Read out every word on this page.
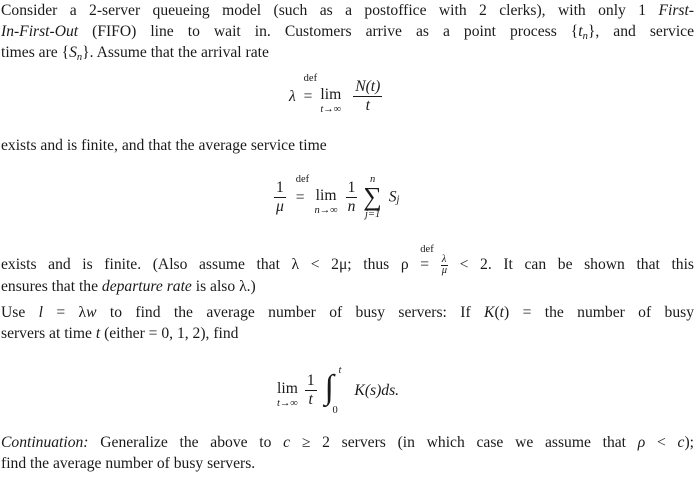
Consider a 2-server queueing model (such as a postoffice with 2 clerks), with only 1 First-
In-First-Out (FIFO) line to wait in. Customers arrive as a point process $\{t_n\}$, and service
times are $\{S_n\}$. Assume that the arrival rate
λ
def
= lim
t→∞
$\frac{N(t)}{t}$
exists and is finite, and that the average service time
$\frac{1}{\mu}$
def
= lim
n→∞
$\frac{1}{n}$
	n
∑
j=1
Sj
exists and is finite. (Also assume that λ < 2μ; thus ρ
def
= $\frac{\lambda}{\mu} < 2$. It can be shown that this
ensures that the departure rate is also λ.)
Use l = λw to find the average number of busy servers: If K(t) = the number of busy
servers at time t (either = 0, 1, 2), find
lim
t→∞
$\frac{1}{t}$
∫ t
0
K(s)ds.
Continuation: Generalize the above to c ≥ 2 servers (in which case we assume that ρ < c);
find the average number of busy servers.
